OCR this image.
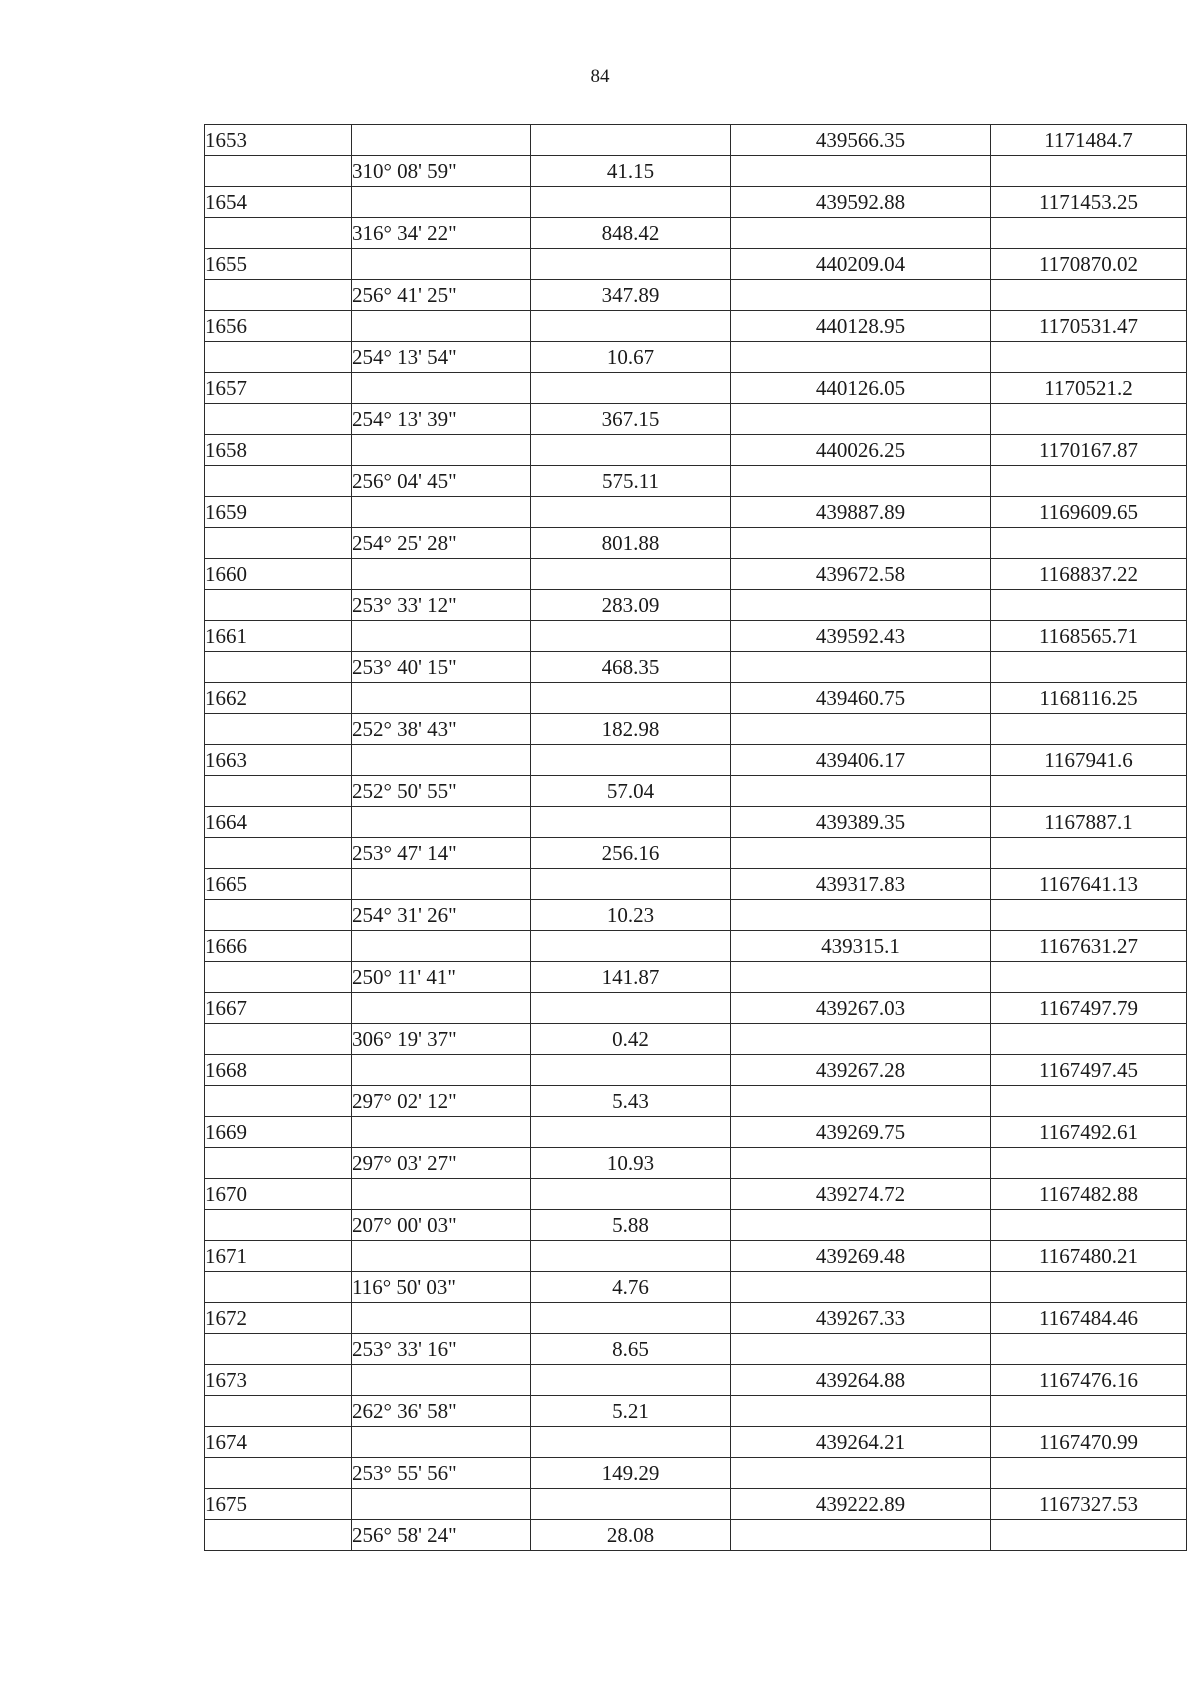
84
1653			439566.35	1171484.7
	310° 08' 59"	41.15		
1654			439592.88	1171453.25
	316° 34' 22"	848.42		
1655			440209.04	1170870.02
	256° 41' 25"	347.89		
1656			440128.95	1170531.47
	254° 13' 54"	10.67		
1657			440126.05	1170521.2
	254° 13' 39"	367.15		
1658			440026.25	1170167.87
	256° 04' 45"	575.11		
1659			439887.89	1169609.65
	254° 25' 28"	801.88		
1660			439672.58	1168837.22
	253° 33' 12"	283.09		
1661			439592.43	1168565.71
	253° 40' 15"	468.35		
1662			439460.75	1168116.25
	252° 38' 43"	182.98		
1663			439406.17	1167941.6
	252° 50' 55"	57.04		
1664			439389.35	1167887.1
	253° 47' 14"	256.16		
1665			439317.83	1167641.13
	254° 31' 26"	10.23		
1666			439315.1	1167631.27
	250° 11' 41"	141.87		
1667			439267.03	1167497.79
	306° 19' 37"	0.42		
1668			439267.28	1167497.45
	297° 02' 12"	5.43		
1669			439269.75	1167492.61
	297° 03' 27"	10.93		
1670			439274.72	1167482.88
	207° 00' 03"	5.88		
1671			439269.48	1167480.21
	116° 50' 03"	4.76		
1672			439267.33	1167484.46
	253° 33' 16"	8.65		
1673			439264.88	1167476.16
	262° 36' 58"	5.21		
1674			439264.21	1167470.99
	253° 55' 56"	149.29		
1675			439222.89	1167327.53
	256° 58' 24"	28.08		
